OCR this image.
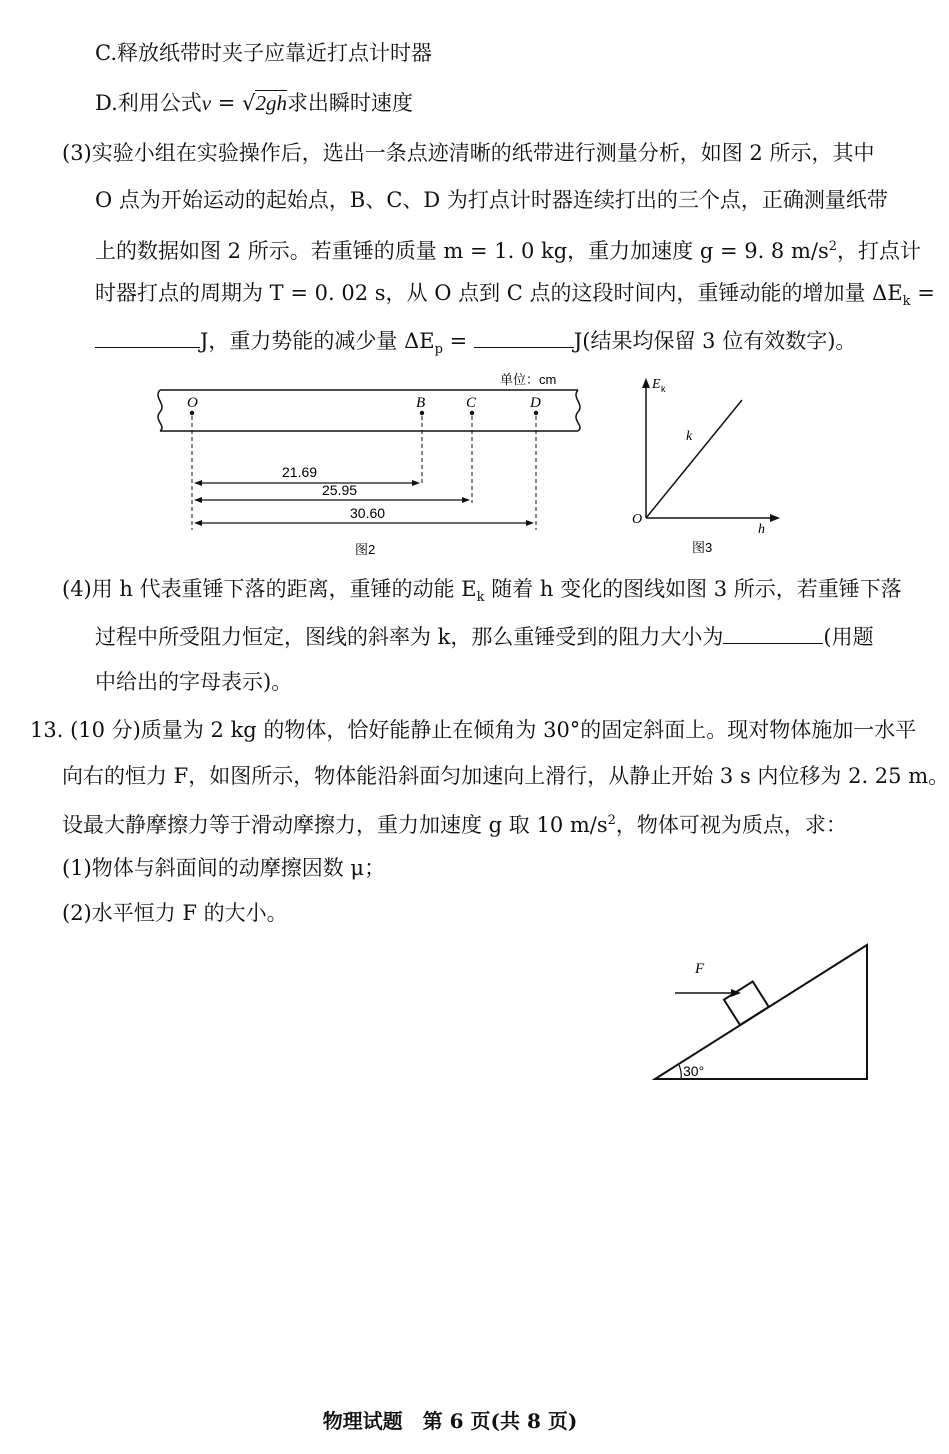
C.释放纸带时夹子应靠近打点计时器
D.利用公式v = √2gh求出瞬时速度
(3)实验小组在实验操作后，选出一条点迹清晰的纸带进行测量分析，如图 2 所示，其中
O 点为开始运动的起始点，B、C、D 为打点计时器连续打出的三个点，正确测量纸带
上的数据如图 2 所示。若重锤的质量 m = 1. 0 kg，重力加速度 g = 9. 8 $m/s^2$，打点计
时器打点的周期为 T = 0. 02 s，从 O 点到 C 点的这段时间内，重锤动能的增加量 $\Delta E_k$ =
J，重力势能的减少量 $\Delta E_p$ =	J(结果均保留 3 位有效数字)。
单位：cm
O	B	C	D
21.69
25.95
30.60
图2
E k
h
O
k
图3
(4)用 h 代表重锤下落的距离，重锤的动能 $E_k$ 随着 h 变化的图线如图 3 所示，若重锤下落
过程中所受阻力恒定，图线的斜率为 k，那么重锤受到的阻力大小为	(用题
中给出的字母表示)。
13. (10 分)质量为 2 kg 的物体，恰好能静止在倾角为 30°的固定斜面上。现对物体施加一水平
向右的恒力 F，如图所示，物体能沿斜面匀加速向上滑行，从静止开始 3 s 内位移为 2. 25 m。
设最大静摩擦力等于滑动摩擦力，重力加速度 g 取 10 $m/s^2$，物体可视为质点，求：
(1)物体与斜面间的动摩擦因数 μ；
(2)水平恒力 F 的大小。
F
30°
物理试题　第 6 页(共 8 页)
